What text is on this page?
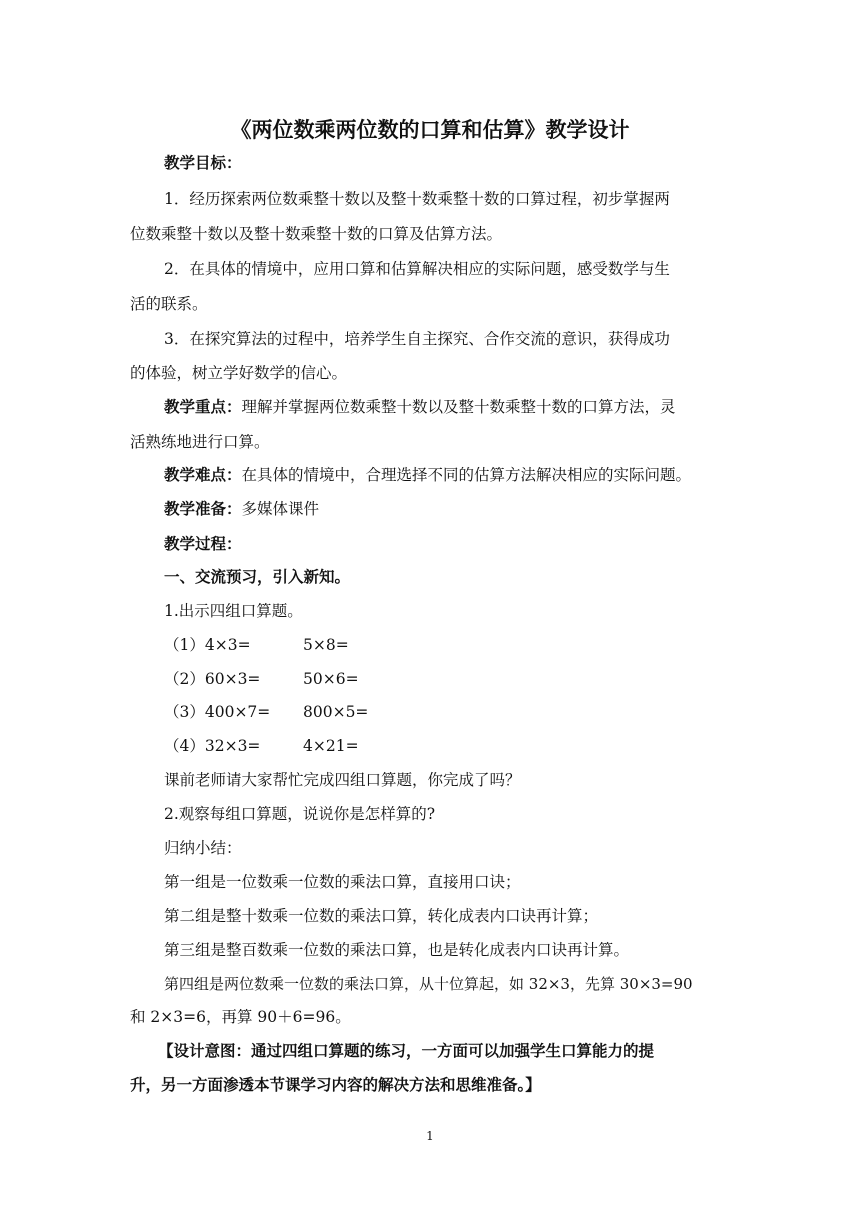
《两位数乘两位数的口算和估算》教学设计
教学目标：
1．经历探索两位数乘整十数以及整十数乘整十数的口算过程，初步掌握两
位数乘整十数以及整十数乘整十数的口算及估算方法。
2．在具体的情境中，应用口算和估算解决相应的实际问题，感受数学与生
活的联系。
3．在探究算法的过程中，培养学生自主探究、合作交流的意识，获得成功
的体验，树立学好数学的信心。
教学重点：理解并掌握两位数乘整十数以及整十数乘整十数的口算方法，灵
活熟练地进行口算。
教学难点：在具体的情境中，合理选择不同的估算方法解决相应的实际问题。
教学准备：多媒体课件
教学过程：
一、交流预习，引入新知。
1.出示四组口算题。
（1）4×3=	5×8=
（2）60×3=	50×6=
（3）400×7= 800×5=
（4）32×3=	4×21=
课前老师请大家帮忙完成四组口算题，你完成了吗？
2.观察每组口算题，说说你是怎样算的?
归纳小结：
第一组是一位数乘一位数的乘法口算，直接用口诀；
第二组是整十数乘一位数的乘法口算，转化成表内口诀再计算；
第三组是整百数乘一位数的乘法口算，也是转化成表内口诀再计算。
第四组是两位数乘一位数的乘法口算，从十位算起，如 32×3，先算 30×3=90
和 2×3=6，再算 90＋6=96。
【设计意图：通过四组口算题的练习，一方面可以加强学生口算能力的提
升，另一方面渗透本节课学习内容的解决方法和思维准备。】
1
